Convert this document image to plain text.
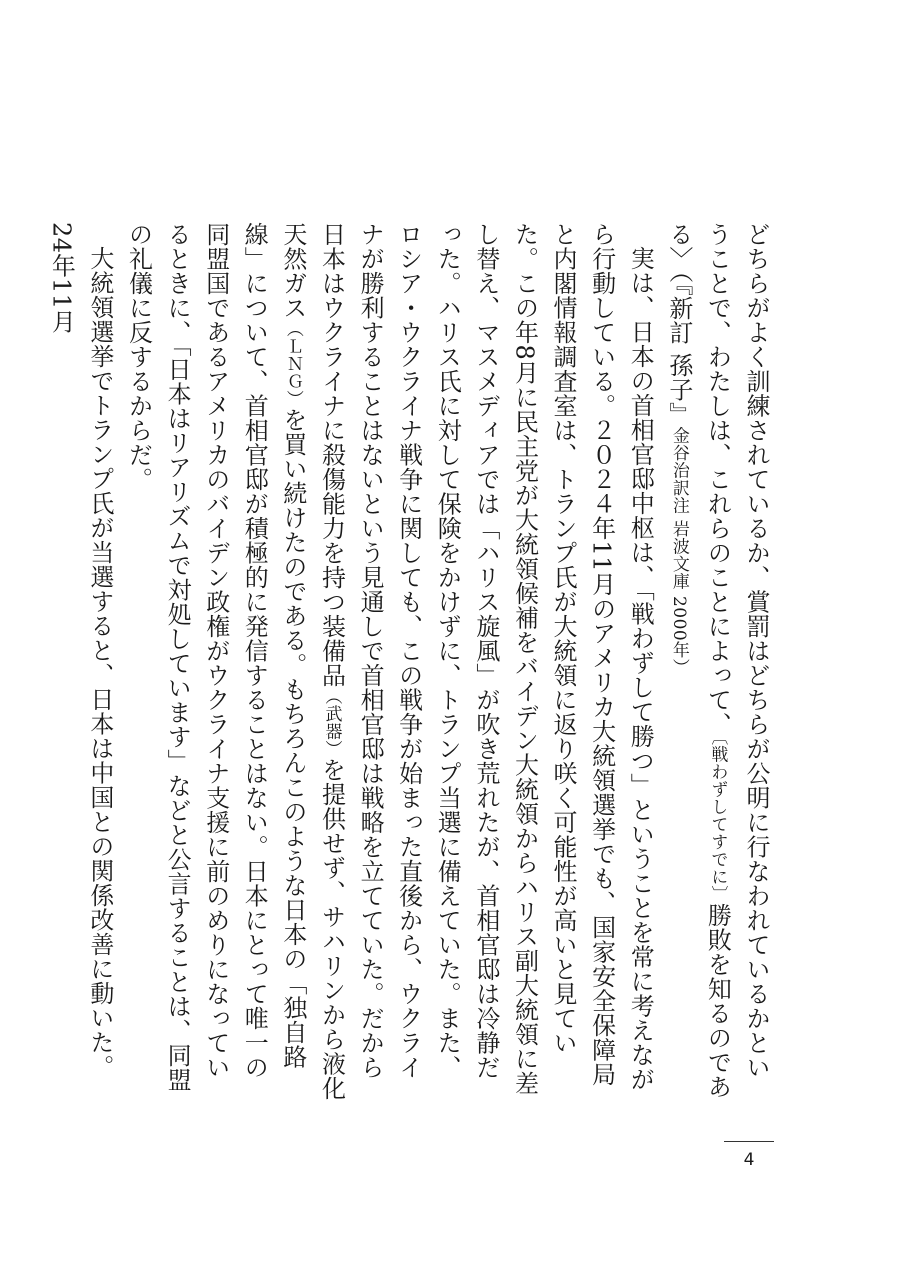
どちらがよく訓練されているか、賞罰はどちらが公明に行なわれているかということで、わたしは、これらのことによって、〔戦わずしてすでに〕勝敗を知るのである〉（『新訂 孫子』金谷治訳注 岩波文庫 2000年）

実は、日本の首相官邸中枢は、「戦わずして勝つ」ということを常に考えながら行動している。２０２４年11月のアメリカ大統領選挙でも、国家安全保障局と内閣情報調査室は、トランプ氏が大統領に返り咲く可能性が高いと見ていた。この年8月に民主党が大統領候補をバイデン大統領からハリス副大統領に差し替え、マスメディアでは「ハリス旋風」が吹き荒れたが、首相官邸は冷静だった。ハリス氏に対して保険をかけずに、トランプ当選に備えていた。また、ロシア・ウクライナ戦争に関しても、この戦争が始まった直後から、ウクライナが勝利することはないという見通しで首相官邸は戦略を立てていた。だから日本はウクライナに殺傷能力を持つ装備品（武器）を提供せず、サハリンから液化天然ガス（ＬＮＧ）を買い続けたのである。もちろんこのような日本の「独自路線」について、首相官邸が積極的に発信することはない。日本にとって唯一の同盟国であるアメリカのバイデン政権がウクライナ支援に前のめりになっているときに、「日本はリアリズムで対処しています」などと公言することは、同盟の礼儀に反するからだ。

大統領選挙でトランプ氏が当選すると、日本は中国との関係改善に動いた。24年11月

4
